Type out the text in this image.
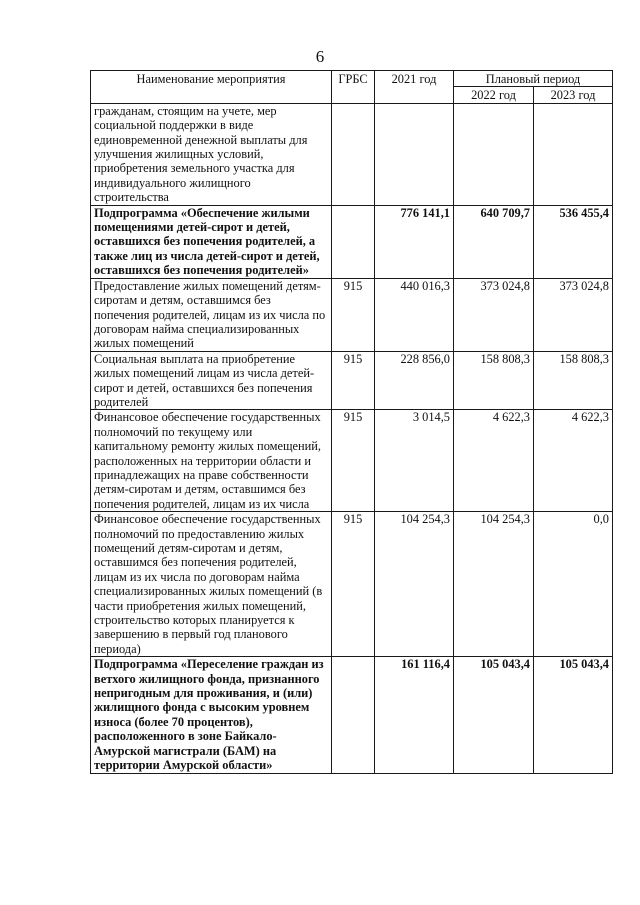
6
Наименование мероприятия	ГРБС	2021 год	Плановый период	
			2022 год	2023 год
гражданам, стоящим на учете, мер социальной поддержки в виде единовременной денежной выплаты для улучшения жилищных условий, приобретения земельного участка для индивидуального жилищного строительства				
Подпрограмма «Обеспечение жилыми помещениями детей-сирот и детей, оставшихся без попечения родителей, а также лиц из числа детей-сирот и детей, оставшихся без попечения родителей»		776 141,1	640 709,7	536 455,4
Предоставление жилых помещений детям-сиротам и детям, оставшимся без попечения родителей, лицам из их числа по договорам найма специализированных жилых помещений	915	440 016,3	373 024,8	373 024,8
Социальная выплата на приобретение жилых помещений лицам из числа детей-сирот и детей, оставшихся без попечения родителей	915	228 856,0	158 808,3	158 808,3
Финансовое обеспечение государственных полномочий по текущему или капитальному ремонту жилых помещений, расположенных на территории области и принадлежащих на праве собственности детям-сиротам и детям, оставшимся без попечения родителей, лицам из их числа	915	3 014,5	4 622,3	4 622,3
Финансовое обеспечение государственных полномочий по предоставлению жилых помещений детям-сиротам и детям, оставшимся без попечения родителей, лицам из их числа по договорам найма специализированных жилых помещений (в части приобретения жилых помещений, строительство которых планируется к завершению в первый год планового периода)	915	104 254,3	104 254,3	0,0
Подпрограмма «Переселение граждан из ветхого жилищного фонда, признанного непригодным для проживания, и (или) жилищного фонда с высоким уровнем износа (более 70 процентов), расположенного в зоне Байкало-Амурской магистрали (БАМ) на территории Амурской области»		161 116,4	105 043,4	105 043,4
